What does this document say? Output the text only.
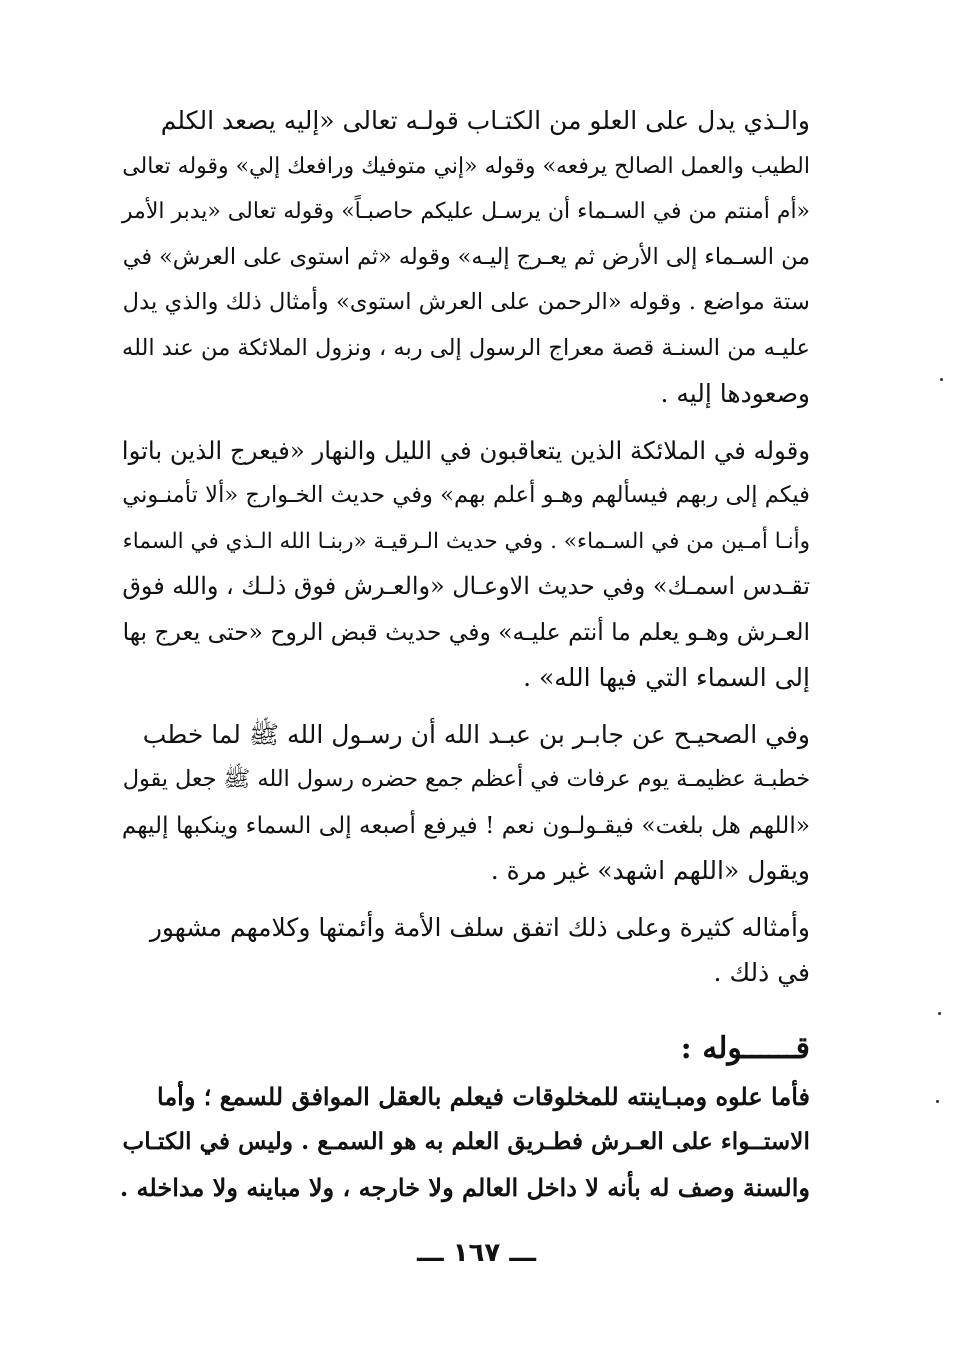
والـذي يدل على العلو من الكتـاب قولـه تعالى «إليه يصعد الكلم
الطيب والعمل الصالح يرفعه» وقوله «إني متوفيك ورافعك إلي» وقوله تعالى
«أم أمنتم من في السـماء أن يرسـل عليكم حاصبـاً» وقوله تعالى «يدبر الأمر
من السـماء إلى الأرض ثم يعـرج إليـه» وقوله «ثم استوى على العرش» في
ستة مواضع . وقوله «الرحمن على العرش استوى» وأمثال ذلك والذي يدل
عليـه من السنـة قصة معراج الرسول إلى ربه ، ونزول الملائكة من عند الله
وصعودها إليه .
وقوله في الملائكة الذين يتعاقبون في الليل والنهار «فيعرج الذين باتوا
فيكم إلى ربهم فيسألهم وهـو أعلم بهم» وفي حديث الخـوارج «ألا تأمنـوني
وأنـا أمـين من في السـماء» . وفي حديث الـرقيـة «ربنـا الله الـذي في السماء
تقـدس اسمـك» وفي حديث الاوعـال «والعـرش فوق ذلـك ، والله فوق
العـرش وهـو يعلم ما أنتم عليـه» وفي حديث قبض الروح «حتى يعرج بها
إلى السماء التي فيها الله» .
وفي الصحيـح عن جابـر بن عبـد الله أن رسـول الله ﷺ لما خطب
خطبـة عظيمـة يوم عرفات في أعظم جمع حضره رسول الله ﷺ جعل يقول
«اللهم هل بلغت» فيقـولـون نعم ! فيرفع أصبعه إلى السماء وينكبها إليهم
ويقول «اللهم اشهد» غير مرة .
وأمثاله كثيرة وعلى ذلك اتفق سلف الأمة وأئمتها وكلامهم مشهور
في ذلك .
قــــــوله :
فأما علوه ومبـاينته للمخلوقات فيعلم بالعقل الموافق للسمع ؛ وأما
الاستــواء على العـرش فطـريق العلم به هو السمـع . وليس في الكتـاب
والسنة وصف له بأنه لا داخل العالم ولا خارجه ، ولا مباينه ولا مداخله .
ـــ ١٦٧ ـــ
